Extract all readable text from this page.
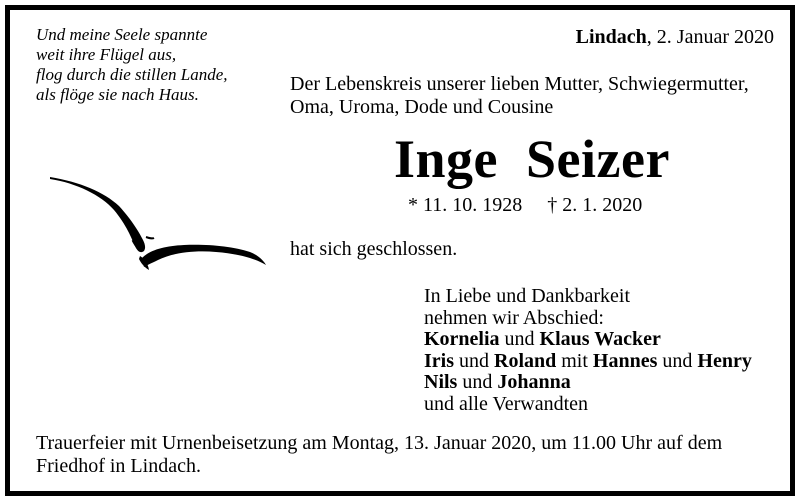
Und meine Seele spannte
weit ihre Flügel aus,
flog durch die stillen Lande,
als flöge sie nach Haus.
Lindach, 2. Januar 2020
Der Lebenskreis unserer lieben Mutter, Schwiegermutter,
Oma, Uroma, Dode und Cousine
Inge  Seizer
* 11. 10. 1928     † 2. 1. 2020
hat sich geschlossen.
In Liebe und Dankbarkeit
nehmen wir Abschied:
Kornelia und Klaus Wacker
Iris und Roland mit Hannes und Henry
Nils und Johanna
und alle Verwandten
Trauerfeier mit Urnenbeisetzung am Montag, 13. Januar 2020, um 11.00 Uhr auf dem
Friedhof in Lindach.
